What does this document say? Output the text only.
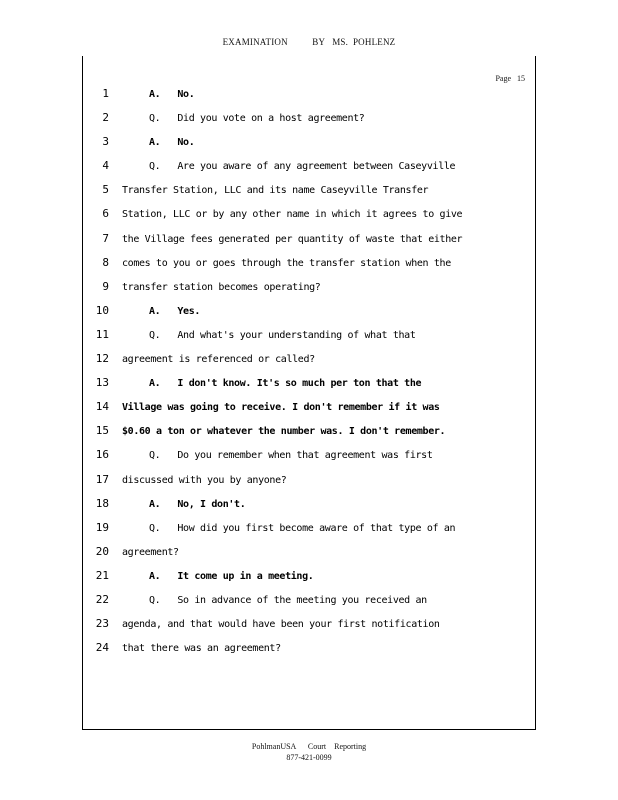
EXAMINATION          BY   MS.  POHLENZ
Page   15
1	A.   No.
2	Q.   Did you vote on a host agreement?
3	A.   No.
4	Q.   Are you aware of any agreement between Caseyville
5 Transfer Station, LLC and its name Caseyville Transfer
6 Station, LLC or by any other name in which it agrees to give
7 the Village fees generated per quantity of waste that either
8 comes to you or goes through the transfer station when the
9 transfer station becomes operating?
10	A.   Yes.
11	Q.   And what's your understanding of what that
12 agreement is referenced or called?
13	A.   I don't know. It's so much per ton that the
14 Village was going to receive. I don't remember if it was
15 $0.60 a ton or whatever the number was. I don't remember.
16	Q.   Do you remember when that agreement was first
17 discussed with you by anyone?
18	A.   No, I don't.
19	Q.   How did you first become aware of that type of an
20 agreement?
21	A.   It come up in a meeting.
22	Q.   So in advance of the meeting you received an
23 agenda, and that would have been your first notification
24 that there was an agreement?
PohlmanUSA      Court    Reporting
877-421-0099
